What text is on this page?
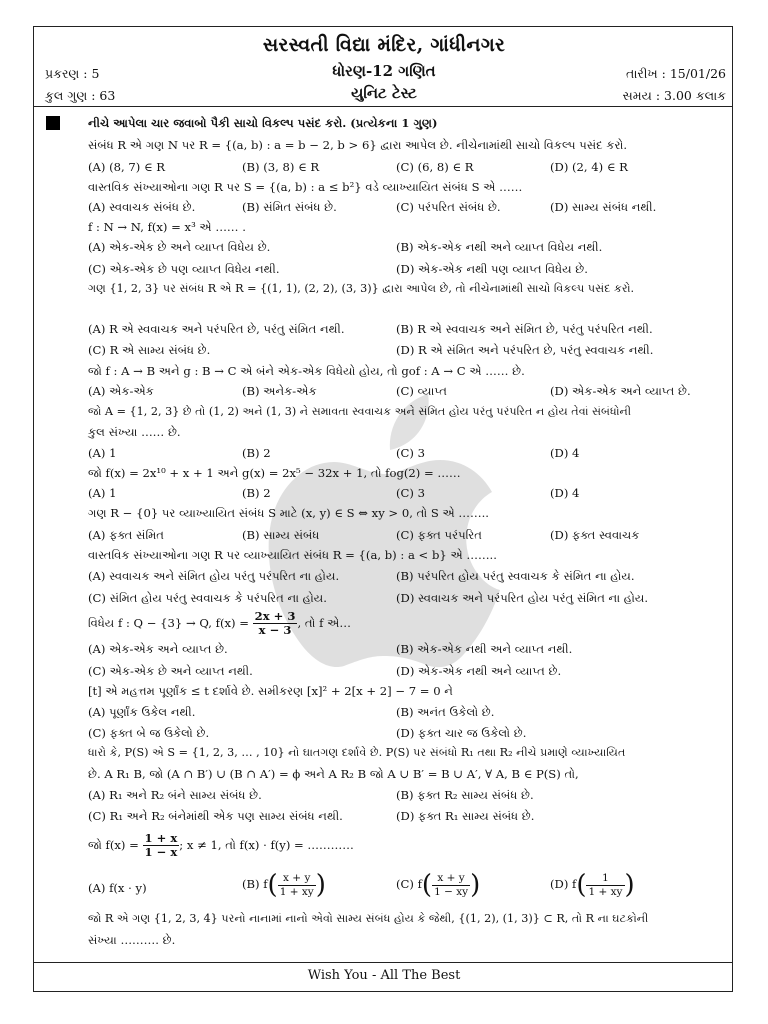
સરસ્વતી વિદ્યા મંદિર, ગાંધીનગર
પ્રકરણ : 5	ધોરણ-12 ગણિત	તારીખ : 15/01/26
કુલ ગુણ : 63	યુનિટ ટેસ્ટ	સમય : 3.00 કલાક
નીચે આપેલા ચાર જવાબો પૈકી સાચો વિકલ્પ પસંદ કરો. (પ્રત્યેકના 1 ગુણ)
સંબંધ R એ ગણ N પર R = {(a, b) : a = b − 2, b > 6} દ્વારા આપેલ છે. નીચેનામાંથી સાચો વિકલ્પ પસંદ કરો.
(A) (8, 7) ∈ R	(B) (3, 8) ∈ R	(C) (6, 8) ∈ R	(D) (2, 4) ∈ R
વાસ્તવિક સંખ્યાઓના ગણ R પર S = {(a, b) : a ≤ b²} વડે વ્યાખ્યાયિત સંબંધ S એ ……
(A) સ્વવાચક સંબંધ છે.	(B) સંમિત સંબંધ છે.	(C) પરંપરિત સંબંધ છે.	(D) સામ્ય સંબંધ નથી.
f : N → N, f(x) = x³ એ …… .
(A) એક-એક છે અને વ્યાપ્ત વિધેય છે.	(B) એક-એક નથી અને વ્યાપ્ત વિધેય નથી.
(C) એક-એક છે પણ વ્યાપ્ત વિધેય નથી.	(D) એક-એક નથી પણ વ્યાપ્ત વિધેય છે.
ગણ {1, 2, 3} પર સંબંધ R એ R = {(1, 1), (2, 2), (3, 3)} દ્વારા આપેલ છે, તો નીચેનામાંથી સાચો વિકલ્પ પસંદ કરો.
(A) R એ સ્વવાચક અને પરંપરિત છે, પરંતુ સંમિત નથી.	(B) R એ સ્વવાચક અને સંમિત છે, પરંતુ પરંપરિત નથી.
(C) R એ સામ્ય સંબંધ છે.	(D) R એ સંમિત અને પરંપરિત છે, પરંતુ સ્વવાચક નથી.
જો f : A → B અને g : B → C એ બંને એક-એક વિધેયો હોય, તો gof : A → C એ …… છે.
(A) એક-એક	(B) અનેક-એક	(C) વ્યાપ્ત	(D) એક-એક અને વ્યાપ્ત છે.
જો A = {1, 2, 3} છે તો (1, 2) અને (1, 3) ને સમાવતા સ્વવાચક અને સંમિત હોય પરંતુ પરંપરિત ન હોય તેવાં સંબંધોની
કુલ સંખ્યા …… છે.
(A) 1	(B) 2	(C) 3	(D) 4
જો f(x) = 2x¹⁰ + x + 1 અને g(x) = 2x⁵ − 32x + 1, તો fog(2) = ……
(A) 1	(B) 2	(C) 3	(D) 4
ગણ R − {0} પર વ્યાખ્યાયિત સંબંધ S માટે (x, y) ∈ S ⇔ xy > 0, તો S એ ……..
(A) ફક્ત સંમિત	(B) સામ્ય સંબંધ	(C) ફક્ત પરંપરિત	(D) ફક્ત સ્વવાચક
વાસ્તવિક સંખ્યાઓના ગણ R પર વ્યાખ્યાયિત સંબંધ R = {(a, b) : a < b} એ ……..
(A) સ્વવાચક અને સંમિત હોય પરંતુ પરંપરિત ના હોય.	(B) પરંપરિત હોય પરંતુ સ્વવાચક કે સંમિત ના હોય.
(C) સંમિત હોય પરંતુ સ્વવાચક કે પરંપરિત ના હોય.	(D) સ્વવાચક અને પરંપરિત હોય પરંતુ સંમિત ના હોય.
વિધેય f : Q − {3} → Q, $f(x) = \frac{2x + 3}{x - 3}$ , તો f એ…
(A) એક-એક અને વ્યાપ્ત છે.	(B) એક-એક નથી અને વ્યાપ્ત નથી.
(C) એક-એક છે અને વ્યાપ્ત નથી.	(D) એક-એક નથી અને વ્યાપ્ત છે.
[t] એ મહત્તમ પૂર્ણાંક ≤ t દર્શાવે છે. સમીકરણ [x]² + 2[x + 2] − 7 = 0 ને
(A) પૂર્ણાંક ઉકેલ નથી.	(B) અનંત ઉકેલો છે.
(C) ફક્ત બે જ ઉકેલો છે.	(D) ફક્ત ચાર જ ઉકેલો છે.
ધારો કે, P(S) એ S = {1, 2, 3, … , 10} નો ઘાતગણ દર્શાવે છે. P(S) પર સંબંધો R₁ તથા R₂ નીચે પ્રમાણે વ્યાખ્યાયિત
છે. A R₁ B, જો (A ∩ B′) ∪ (B ∩ A′) = ϕ અને A R₂ B જો A ∪ B′ = B ∪ A′, ∀ A, B ∈ P(S) તો,
(A) R₁ અને R₂ બંને સામ્ય સંબંધ છે.	(B) ફક્ત R₂ સામ્ય સંબંધ છે.
(C) R₁ અને R₂ બંનેમાંથી એક પણ સામ્ય સંબંધ નથી.	(D) ફક્ત R₁ સામ્ય સંબંધ છે.
જો $f(x) = \frac{1 + x}{1 - x}$ ; x ≠ 1, તો f(x) · f(y) = …………
(A) f(x · y)	(B) $f( \frac{x + y}{1 + xy}$ )	(C) $f( \frac{x + y}{1 - xy}$ )	(D) $f( \frac{1}{1 + xy}$ )
જો R એ ગણ {1, 2, 3, 4} પરનો નાનામાં નાનો એવો સામ્ય સંબંધ હોય કે જેથી, {(1, 2), (1, 3)} ⊂ R, તો R ના ઘટકોની
સંખ્યા ………. છે.
Wish You - All The Best
